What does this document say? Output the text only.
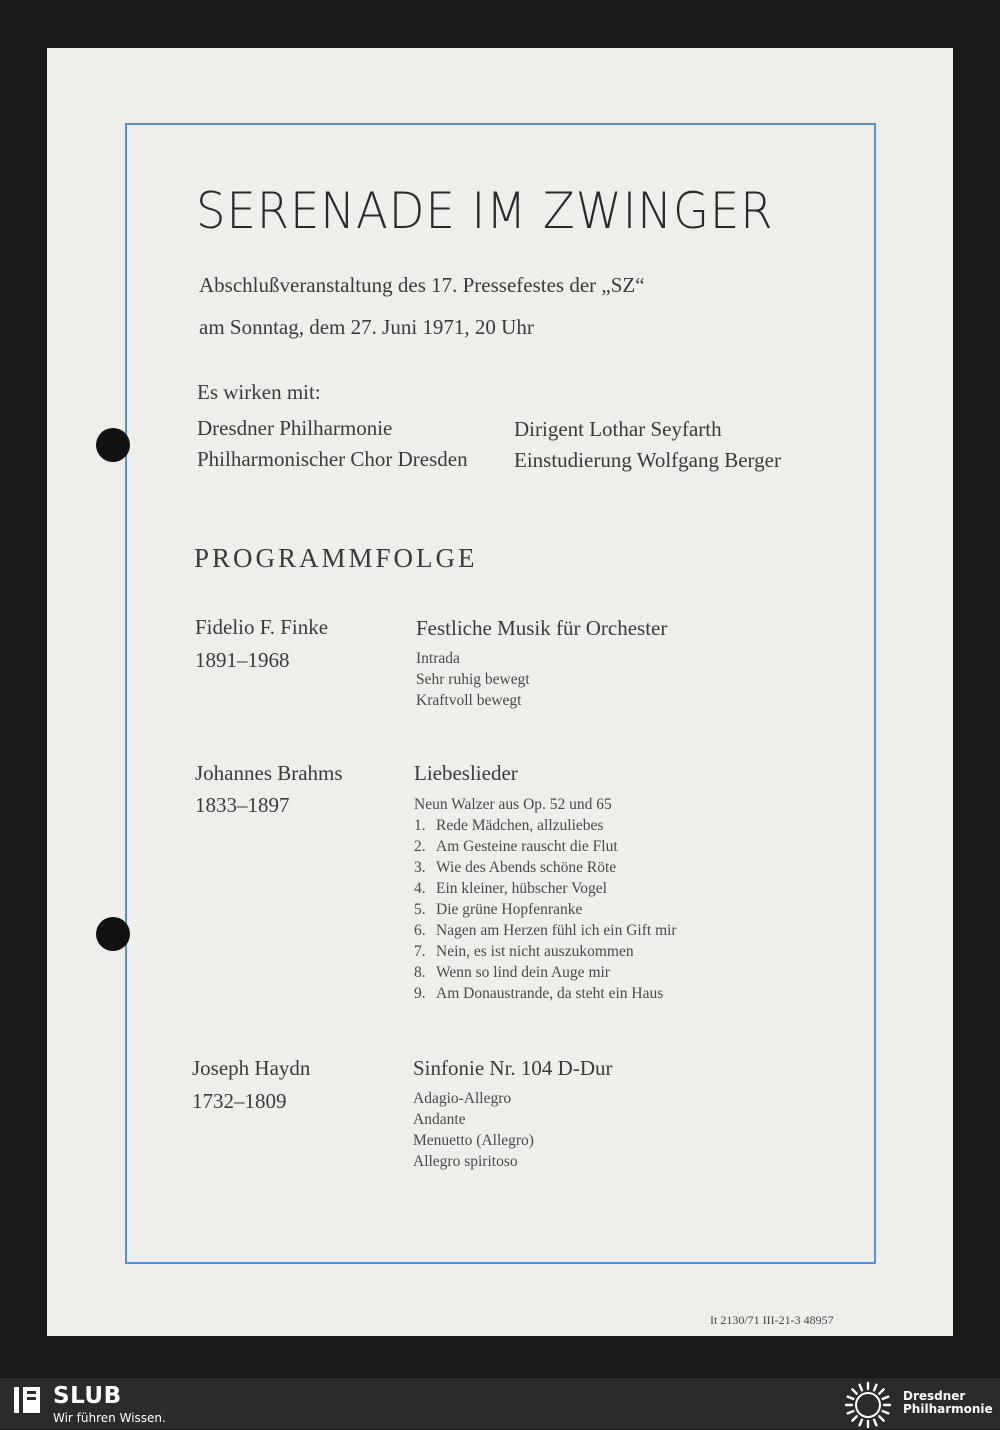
SERENADE IM ZWINGER
Abschlußveranstaltung des 17. Pressefestes der „SZ“
am Sonntag, dem 27. Juni 1971, 20 Uhr
Es wirken mit:
Dresdner Philharmonie
Philharmonischer Chor Dresden
Dirigent Lothar Seyfarth
Einstudierung Wolfgang Berger
PROGRAMMFOLGE
Fidelio F. Finke
1891–1968
Festliche Musik für Orchester
Intrada
Sehr ruhig bewegt
Kraftvoll bewegt
Johannes Brahms
1833–1897
Liebeslieder
Neun Walzer aus Op. 52 und 65
1. Rede Mädchen, allzuliebes
2. Am Gesteine rauscht die Flut
3. Wie des Abends schöne Röte
4. Ein kleiner, hübscher Vogel
5. Die grüne Hopfenranke
6. Nagen am Herzen fühl ich ein Gift mir
7. Nein, es ist nicht auszukommen
8. Wenn so lind dein Auge mir
9. Am Donaustrande, da steht ein Haus
Joseph Haydn
1732–1809
Sinfonie Nr. 104 D-Dur
Adagio-Allegro
Andante
Menuetto (Allegro)
Allegro spiritoso
It 2130/71 III-21-3 48957
SLUB
Wir führen Wissen.
Dresdner
Philharmonie
